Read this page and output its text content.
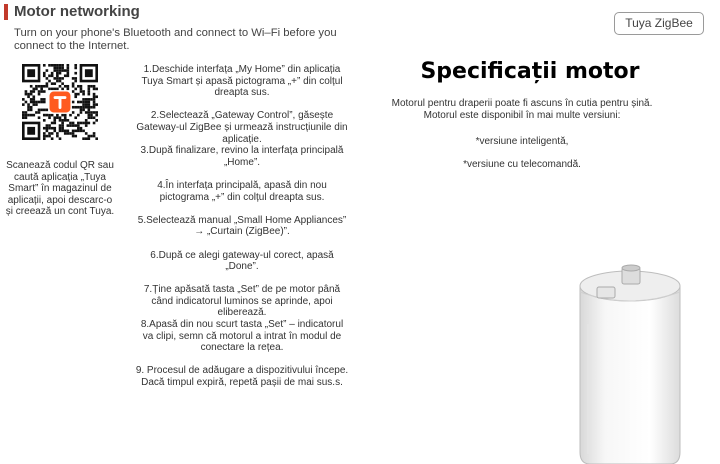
Motor networking
Turn on your phone's Bluetooth and connect to Wi–Fi before you connect to the Internet.
Tuya ZigBee
Scanează codul QR sau caută aplicația „Tuya Smart” în magazinul de aplicații, apoi descarc-o și creează un cont Tuya.
1.Deschide interfața „My Home” din aplicația
Tuya Smart și apasă pictograma „+” din colțul
dreapta sus.
2.Selectează „Gateway Control”, găsește
Gateway-ul ZigBee și urmează instrucțiunile din
aplicație.
3.După finalizare, revino la interfața principală
„Home”.
4.În interfața principală, apasă din nou
pictograma „+” din colțul dreapta sus.
5.Selectează manual „Small Home Appliances”
→ „Curtain (ZigBee)”.
6.După ce alegi gateway-ul corect, apasă
„Done”.
7.Ține apăsată tasta „Set” de pe motor până
când indicatorul luminos se aprinde, apoi
eliberează.
8.Apasă din nou scurt tasta „Set” – indicatorul
va clipi, semn că motorul a intrat în modul de
conectare la rețea.
9. Procesul de adăugare a dispozitivului începe.
Dacă timpul expiră, repetă pașii de mai sus.s.
Specificații motor
Motorul pentru draperii poate fi ascuns în cutia pentru șină. Motorul este disponibil în mai multe versiuni:
*versiune inteligentă,
*versiune cu telecomandă.
